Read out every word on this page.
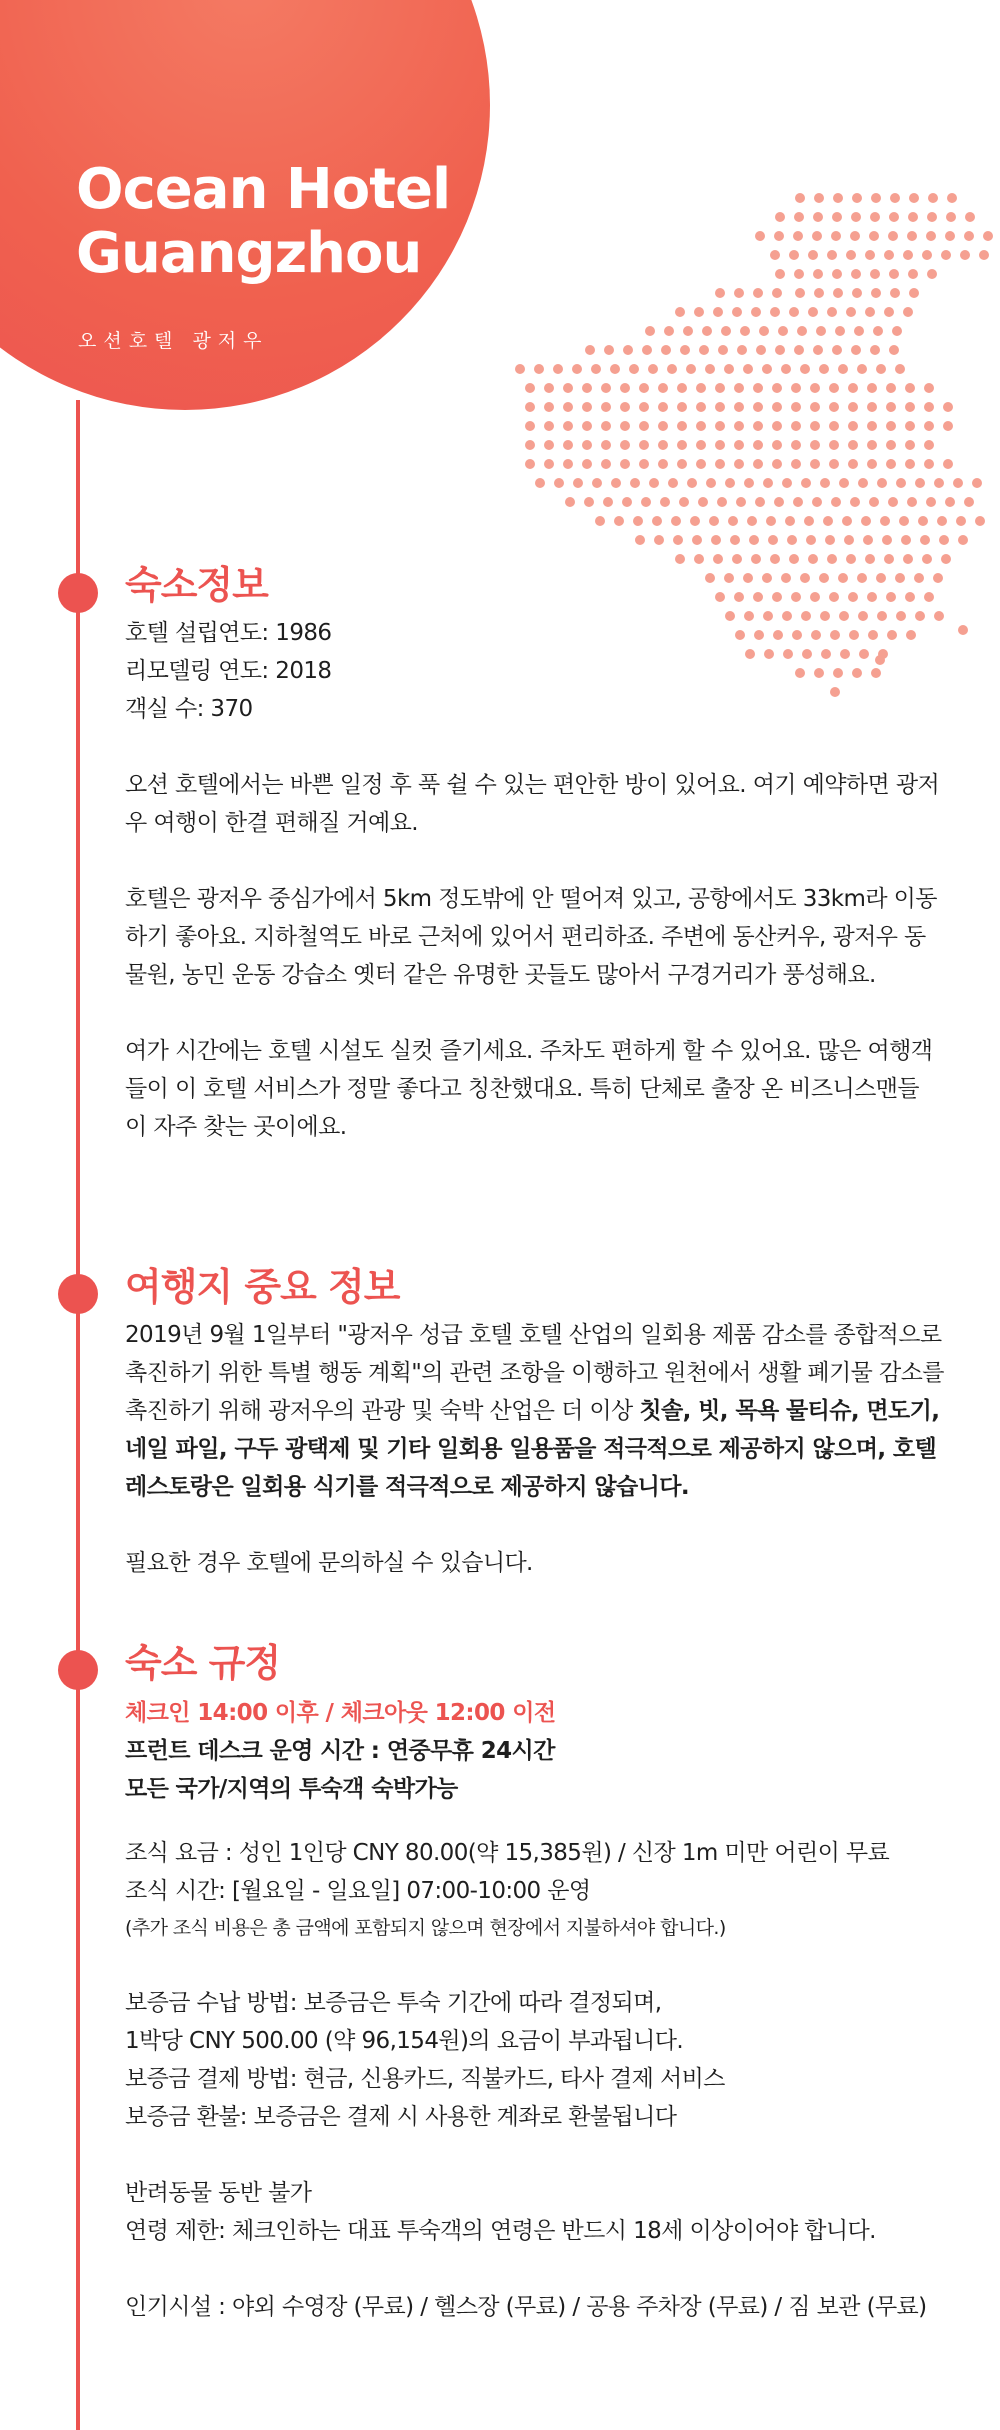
Ocean Hotel
Guangzhou
오션호텔 광저우
숙소정보

호텔 설립연도: 1986

리모델링 연도: 2018

객실 수: 370

오션 호텔에서는 바쁜 일정 후 푹 쉴 수 있는 편안한 방이 있어요. 여기 예약하면 광저우 여행이 한결 편해질 거예요.

호텔은 광저우 중심가에서 5km 정도밖에 안 떨어져 있고, 공항에서도 33km라 이동하기 좋아요. 지하철역도 바로 근처에 있어서 편리하죠. 주변에 동산커우, 광저우 동물원, 농민 운동 강습소 옛터 같은 유명한 곳들도 많아서 구경거리가 풍성해요.

여가 시간에는 호텔 시설도 실컷 즐기세요. 주차도 편하게 할 수 있어요. 많은 여행객들이 이 호텔 서비스가 정말 좋다고 칭찬했대요. 특히 단체로 출장 온 비즈니스맨들이 자주 찾는 곳이에요.

여행지 중요 정보

2019년 9월 1일부터 "광저우 성급 호텔 호텔 산업의 일회용 제품 감소를 종합적으로 촉진하기 위한 특별 행동 계획"의 관련 조항을 이행하고 원천에서 생활 폐기물 감소를 촉진하기 위해 광저우의 관광 및 숙박 산업은 더 이상 칫솔, 빗, 목욕 물티슈, 면도기, 네일 파일, 구두 광택제 및 기타 일회용 일용품을 적극적으로 제공하지 않으며, 호텔 레스토랑은 일회용 식기를 적극적으로 제공하지 않습니다.

필요한 경우 호텔에 문의하실 수 있습니다.

숙소 규정

체크인 14:00 이후 / 체크아웃 12:00 이전

프런트 데스크 운영 시간 : 연중무휴 24시간

모든 국가/지역의 투숙객 숙박가능

조식 요금 : 성인 1인당 CNY 80.00(약 15,385원) / 신장 1m 미만 어린이 무료

조식 시간: [월요일 - 일요일] 07:00-10:00 운영

(추가 조식 비용은 총 금액에 포함되지 않으며 현장에서 지불하셔야 합니다.)

보증금 수납 방법: 보증금은 투숙 기간에 따라 결정되며,

1박당 CNY 500.00 (약 96,154원)의 요금이 부과됩니다.

보증금 결제 방법: 현금, 신용카드, 직불카드, 타사 결제 서비스

보증금 환불: 보증금은 결제 시 사용한 계좌로 환불됩니다

반려동물 동반 불가

연령 제한: 체크인하는 대표 투숙객의 연령은 반드시 18세 이상이어야 합니다.

인기시설 : 야외 수영장 (무료) / 헬스장 (무료) / 공용 주차장 (무료) / 짐 보관 (무료)
